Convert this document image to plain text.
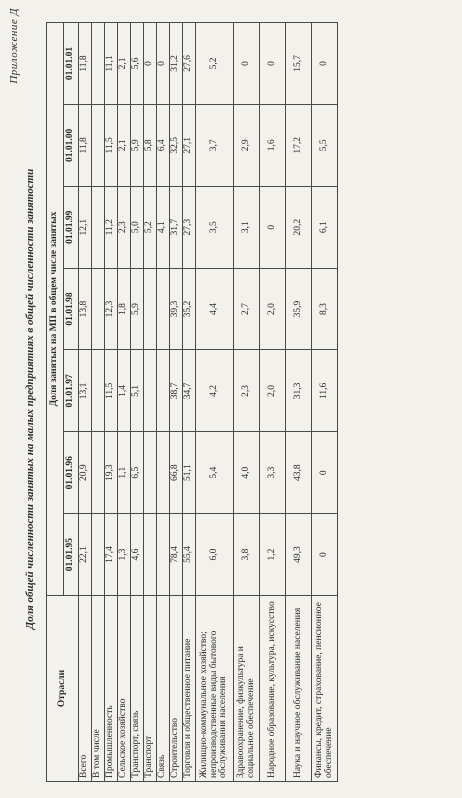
Приложение Д
Доля общей численности занятых на малых предприятиях в общей численности занятости
Отрасли	Доля занятых на МП в общем числе занятых						
	01.01.95	01.01.96	01.01.97	01.01.98	01.01.99	01.01.00	01.01.01
Всего	22,1	20,9	13,1	13,8	12,1	11,8	11,8
В том числе							
Промышленность	17,4	19,3	11,5	12,3	11,2	11,5	11,1
Сельское хозяйство	1,3	1,1	1,4	1,8	2,3	2,1	2,1
Транспорт, связь	4,6	6,5	5,1	5,9	5,0	5,9	5,6
Транспорт					5,2	5,8	0
Связь					4,1	6,4	0
Строительство	78,4	66,8	38,7	39,3	31,7	32,5	31,2
Торговля и общественное питание	55,4	51,1	34,7	35,2	27,3	27,1	27,6
Жилищно-коммунальное хозяйство; непроизводственные виды бытового обслуживания населения	6,0	5,4	4,2	4,4	3,5	3,7	5,2
Здравоохранение, физкультура и социальное обеспечение	3,8	4,0	2,3	2,7	3,1	2,9	0
Народное образование, культура, искусство	1,2	3,3	2,0	2,0	0	1,6	0
Наука и научное обслуживание населения	49,3	43,8	31,3	35,9	20,2	17,2	15,7
Финансы, кредит, страхование, пенсионное обеспечение	0	0	11,6	8,3	6,1	5,5	0
